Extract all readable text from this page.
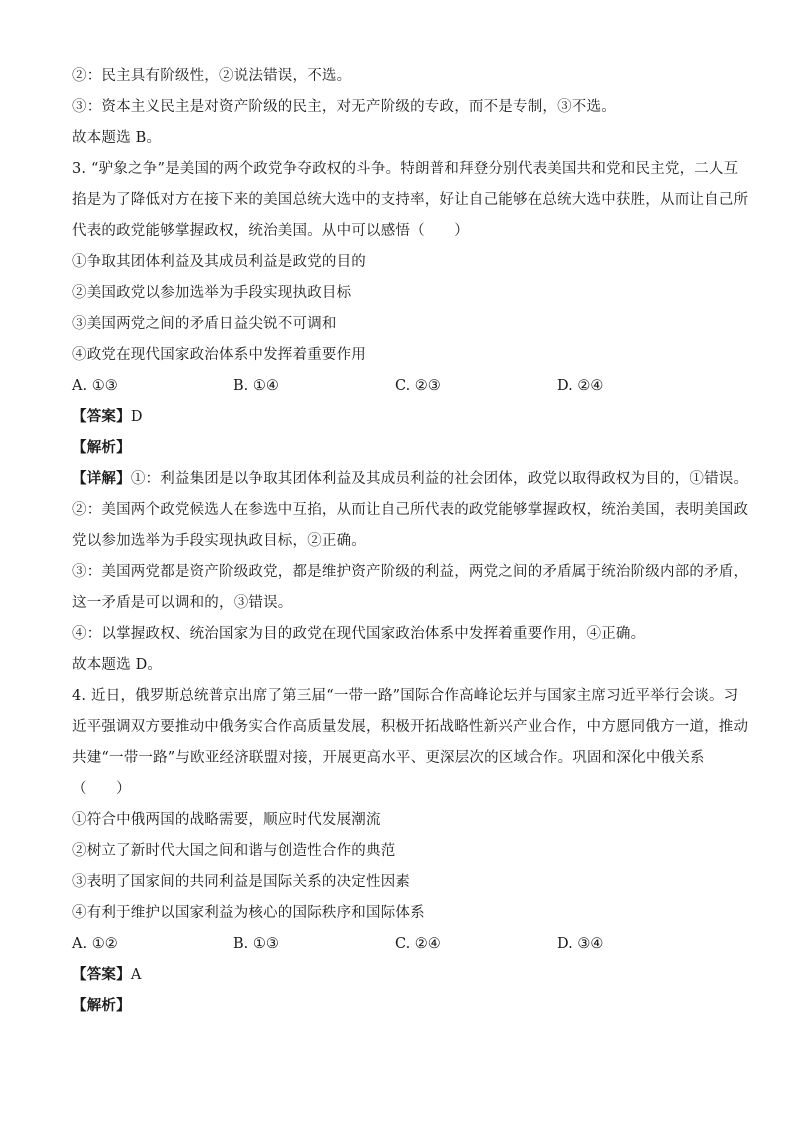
②：民主具有阶级性，②说法错误，不选。
③：资本主义民主是对资产阶级的民主，对无产阶级的专政，而不是专制，③不选。
故本题选 B。
3. “驴象之争”是美国的两个政党争夺政权的斗争。特朗普和拜登分别代表美国共和党和民主党，二人互
掐是为了降低对方在接下来的美国总统大选中的支持率，好让自己能够在总统大选中获胜，从而让自己所
代表的政党能够掌握政权，统治美国。从中可以感悟（　　）
①争取其团体利益及其成员利益是政党的目的
②美国政党以参加选举为手段实现执政目标
③美国两党之间的矛盾日益尖锐不可调和
④政党在现代国家政治体系中发挥着重要作用
A. ①③	B. ①④	C. ②③	D. ②④
【答案】D
【解析】
【详解】①：利益集团是以争取其团体利益及其成员利益的社会团体，政党以取得政权为目的，①错误。
②：美国两个政党候选人在参选中互掐，从而让自己所代表的政党能够掌握政权，统治美国，表明美国政
党以参加选举为手段实现执政目标，②正确。
③：美国两党都是资产阶级政党，都是维护资产阶级的利益，两党之间的矛盾属于统治阶级内部的矛盾，
这一矛盾是可以调和的，③错误。
④：以掌握政权、统治国家为目的政党在现代国家政治体系中发挥着重要作用，④正确。
故本题选 D。
4. 近日，俄罗斯总统普京出席了第三届“一带一路”国际合作高峰论坛并与国家主席习近平举行会谈。习
近平强调双方要推动中俄务实合作高质量发展，积极开拓战略性新兴产业合作，中方愿同俄方一道，推动
共建“一带一路”与欧亚经济联盟对接，开展更高水平、更深层次的区域合作。巩固和深化中俄关系
（　　）
①符合中俄两国的战略需要，顺应时代发展潮流
②树立了新时代大国之间和谐与创造性合作的典范
③表明了国家间的共同利益是国际关系的决定性因素
④有利于维护以国家利益为核心的国际秩序和国际体系
A. ①②	B. ①③	C. ②④	D. ③④
【答案】A
【解析】
